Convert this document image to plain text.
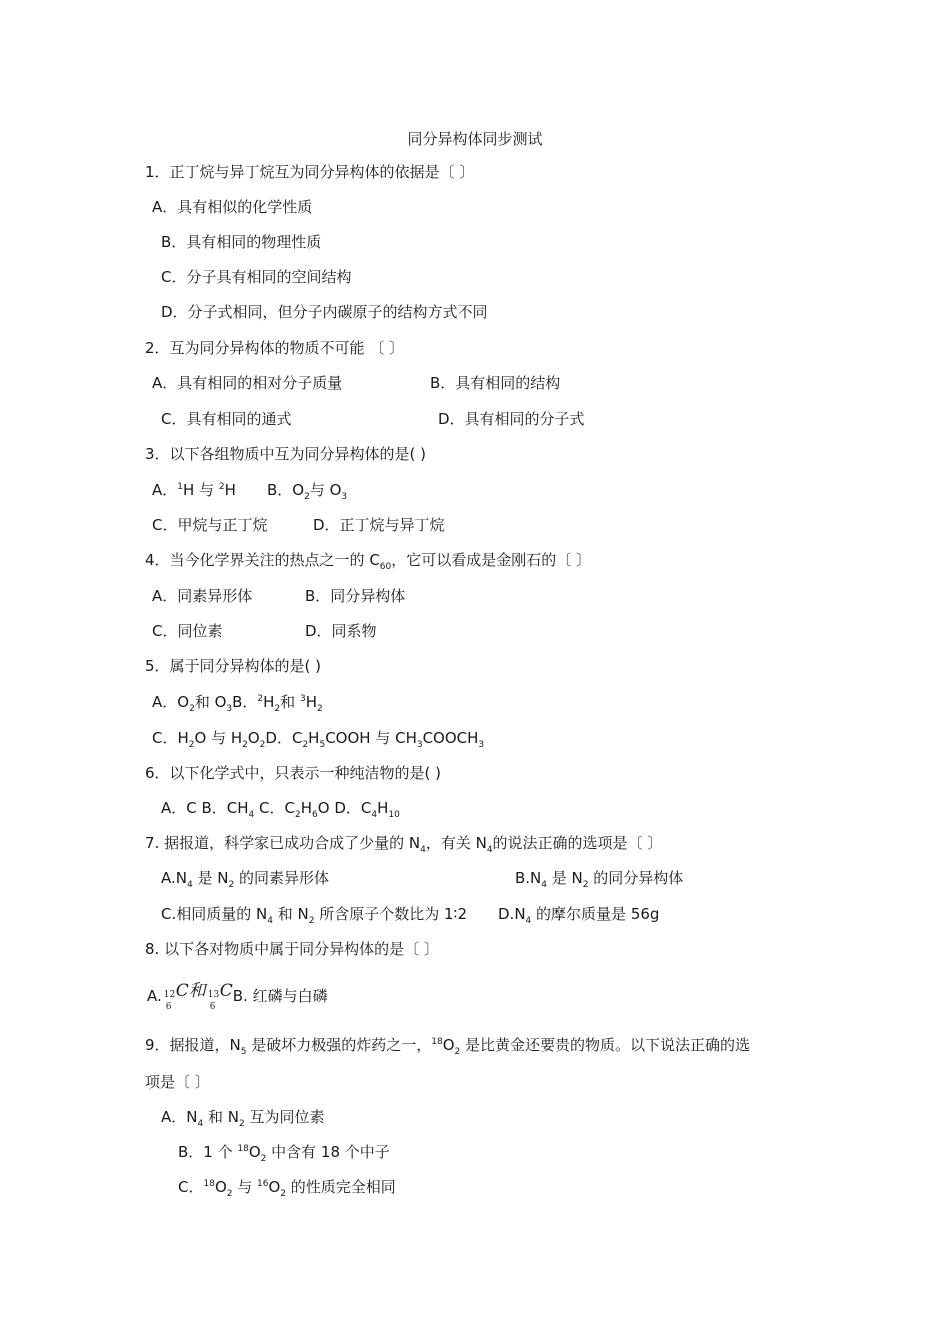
同分异构体同步测试
1．正丁烷与异丁烷互为同分异构体的依据是〔 〕
A．具有相似的化学性质
B．具有相同的物理性质
C．分子具有相同的空间结构
D．分子式相同，但分子内碳原子的结构方式不同
2．互为同分异构体的物质不可能 〔 〕
A．具有相同的相对分子质量	B．具有相同的结构
C．具有相同的通式	D．具有相同的分子式
3．以下各组物质中互为同分异构体的是( )
A．$^1$H 与 $^2$H B．$O_2$与 $O_3$
C．甲烷与正丁烷	D．正丁烷与异丁烷
4．当今化学界关注的热点之一的 $C_{60}$，它可以看成是金刚石的〔 〕
A．同素异形体	B．同分异构体
C．同位素	D．同系物
5．属于同分异构体的是( )
A．$O_2$和 $O_3B$．$^2H_2$和 $^3H_2$
C．$H_2O$ 与 $H_2O_2D$．$C_2H_5COOH$ 与 $CH_3COOCH_3$
6．以下化学式中，只表示一种纯洁物的是( )
A．C B．$CH_4$ C．$C_2H_6O$ D．$C_4H_{10}$
7. 据报道，科学家已成功合成了少量的 $N_4$，有关 $N_4$的说法正确的选项是〔 〕
$A.N_4$ 是 $N_2$ 的同素异形体	$B.N_4$ 是 $N_2$ 的同分异构体
C.相同质量的 $N_4$ 和 $N_2$ 所含原子个数比为 1∶2 $D.N_4$ 的摩尔质量是 56g
8. 以下各对物质中属于同分异构体的是〔 〕
A. 12
6
C和 13
6
CB. 红磷与白磷
9．据报道，$N_5$ 是破坏力极强的炸药之一，$^{18}O_2$ 是比黄金还要贵的物质。以下说法正确的选
项是〔 〕
A．$N_4$ 和 $N_2$ 互为同位素
B．1 个 $^{18}O_2$ 中含有 18 个中子
C．$^{18}O_2$ 与 $^{16}O_2$ 的性质完全相同
